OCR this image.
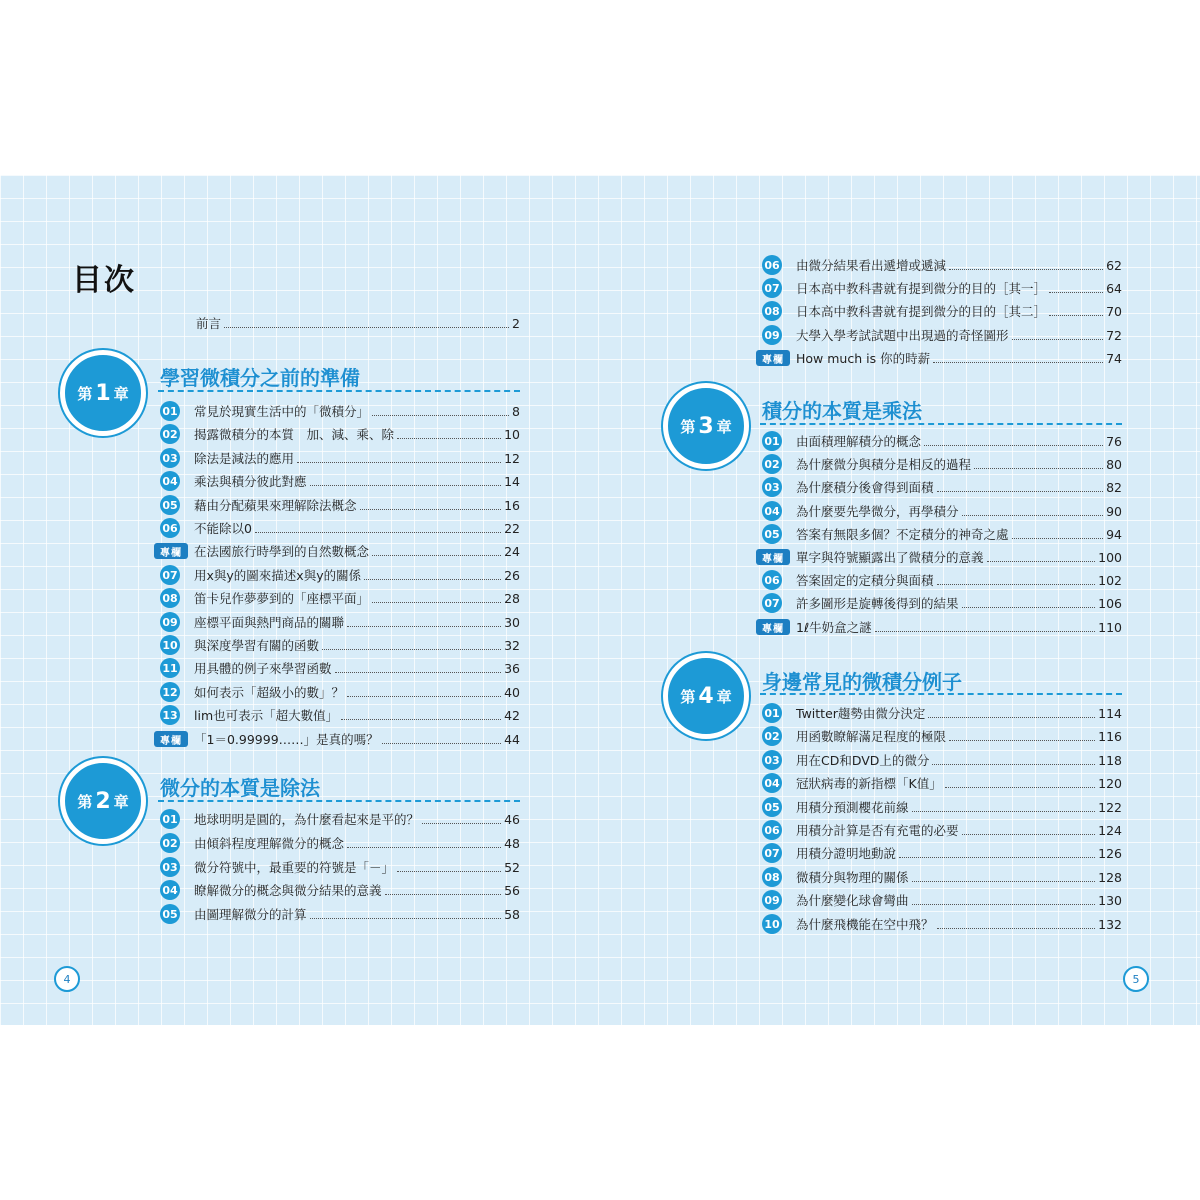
目次
前言	2
第 1 章
學習微積分之前的準備
01 常見於現實生活中的「微積分」	8
02 揭露微積分的本質　加、減、乘、除	10
03 除法是減法的應用	12
04 乘法與積分彼此對應	14
05 藉由分配蘋果來理解除法概念	16
06 不能除以0	22
專欄 在法國旅行時學到的自然數概念	24
07 用x與y的圖來描述x與y的關係	26
08 笛卡兒作夢夢到的「座標平面」	28
09 座標平面與熱門商品的關聯	30
10 與深度學習有關的函數	32
11 用具體的例子來學習函數	36
12 如何表示「超級小的數」？	40
13 lim也可表示「超大數值」	42
專欄 「1＝0.99999……」是真的嗎？	44
第 2 章
微分的本質是除法
01 地球明明是圓的，為什麼看起來是平的？	46
02 由傾斜程度理解微分的概念	48
03 微分符號中，最重要的符號是「－」	52
04 瞭解微分的概念與微分結果的意義	56
05 由圖理解微分的計算	58
06 由微分結果看出遞增或遞減	62
07 日本高中教科書就有提到微分的目的［其一］	64
08 日本高中教科書就有提到微分的目的［其二］	70
09 大學入學考試試題中出現過的奇怪圖形	72
專欄 How much is 你的時薪	74
第 3 章
積分的本質是乘法
01 由面積理解積分的概念	76
02 為什麼微分與積分是相反的過程	80
03 為什麼積分後會得到面積	82
04 為什麼要先學微分，再學積分	90
05 答案有無限多個？不定積分的神奇之處	94
專欄 單字與符號顯露出了微積分的意義	100
06 答案固定的定積分與面積	102
07 許多圖形是旋轉後得到的結果	106
專欄 1ℓ牛奶盒之謎	110
第 4 章
身邊常見的微積分例子
01 Twitter趨勢由微分決定	114
02 用函數瞭解滿足程度的極限	116
03 用在CD和DVD上的微分	118
04 冠狀病毒的新指標「K值」	120
05 用積分預測櫻花前線	122
06 用積分計算是否有充電的必要	124
07 用積分證明地動說	126
08 微積分與物理的關係	128
09 為什麼變化球會彎曲	130
10 為什麼飛機能在空中飛？	132
4	5
